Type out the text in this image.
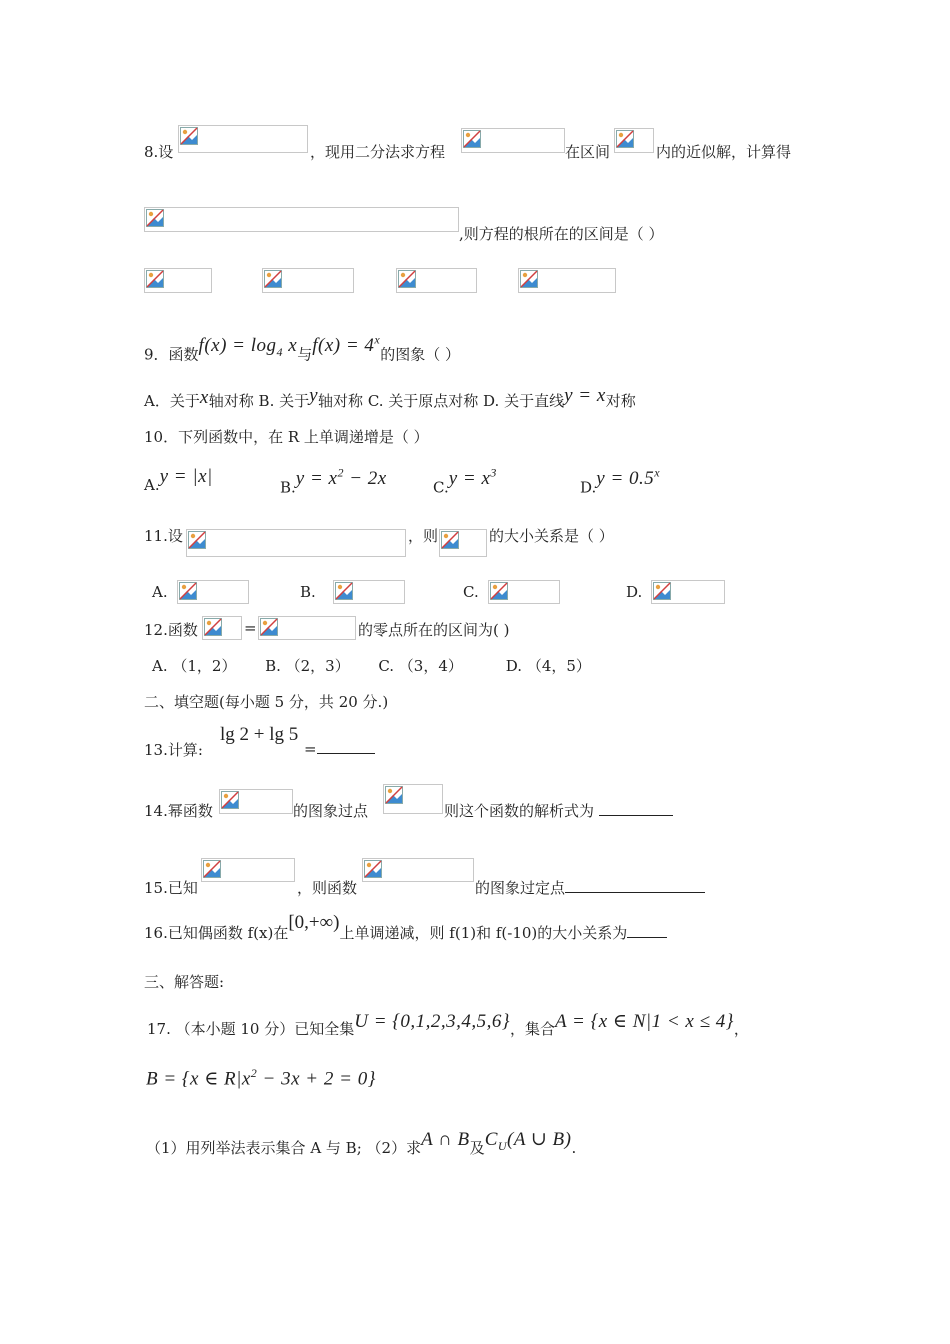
8.设	，现用二分法求方程	在区间	内的近似解，计算得
,则方程的根所在的区间是（ ）
9．函数$f(x) = \log_4 x$与$f(x) = 4^x$的图象（ ）
A．关于x轴对称 B. 关于y轴对称 C. 关于原点对称 D. 关于直线y = x对称
10．下列函数中，在 R 上单调递增是（ ）
A.y = |x|
$B.y = x^2 - 2x$	$C.y = x^3$
$D.y = 0.5^x$
11.设	，则	的大小关系是（ ）
A.	B.	C.	D.
12.函数	=	的零点所在的区间为( )
A. （1，2）      B. （2，3）      C. （3，4）         D. （4，5）
二、填空题(每小题 5 分，共 20 分.)
13.计算:
lg 2 + lg 5
=
14.幂函数	的图象过点	则这个函数的解析式为
15.已知	，则函数	的图象过定点
16.已知偶函数 f(x)在[0,+∞)上单调递减，则 f(1)和 f(-10)的大小关系为
三、解答题:
17. （本小题 10 分）已知全集U = {0,1,2,3,4,5,6}，集合A = {x ∈ N|1 < x ≤ 4}，
B = {x ∈ $R|x^2 - 3x + 2 = 0$}
（1）用列举法表示集合 A 与 B; （2）求A ∩ B及$C_U(A$ ∪ B).
